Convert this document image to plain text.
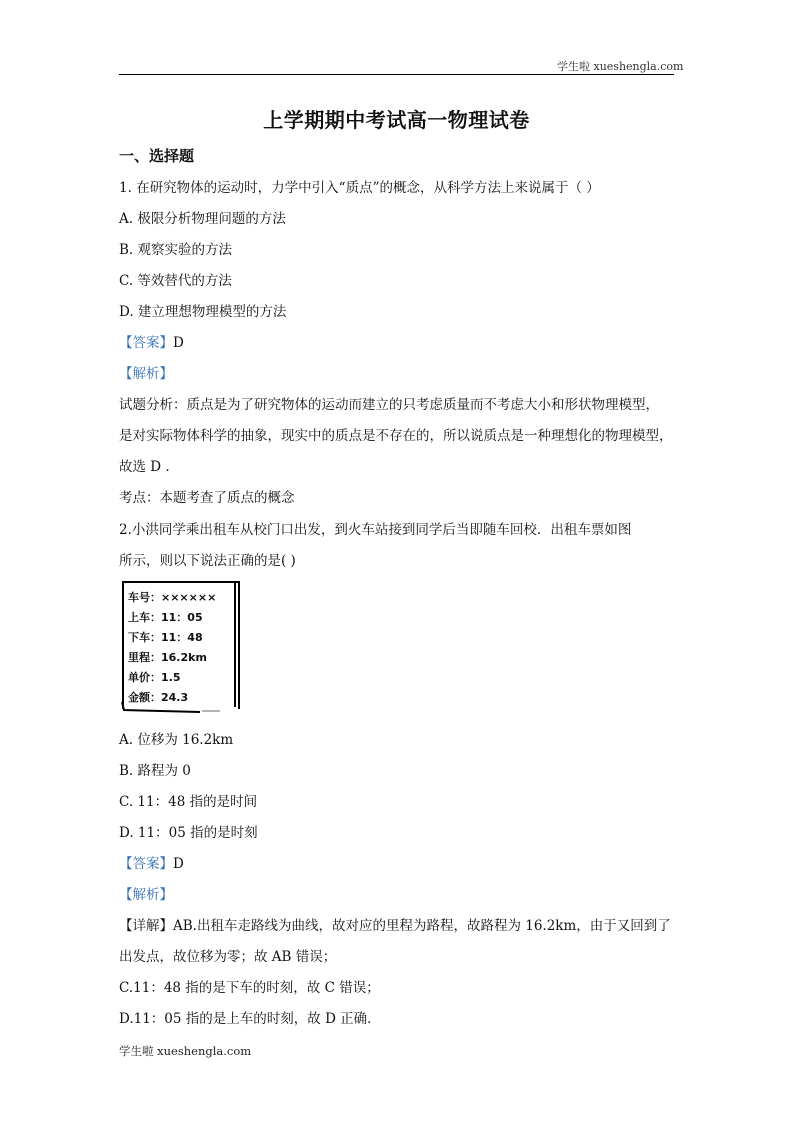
学生啦 xueshengla.com
上学期期中考试高一物理试卷
一、选择题
1. 在研究物体的运动时，力学中引入“质点”的概念，从科学方法上来说属于（ ）
A. 极限分析物理问题的方法
B. 观察实验的方法
C. 等效替代的方法
D. 建立理想物理模型的方法
【答案】D
【解析】
试题分析：质点是为了研究物体的运动而建立的只考虑质量而不考虑大小和形状物理模型，
是对实际物体科学的抽象，现实中的质点是不存在的，所以说质点是一种理想化的物理模型，
故选 D .
考点：本题考查了质点的概念
2.小洪同学乘出租车从校门口出发，到火车站接到同学后当即随车回校．出租车票如图
所示，则以下说法正确的是( )
车号：××××××
上车：11：05
下车：11：48
里程：16.2km
单价：1.5
金额：24.3
A. 位移为 16.2km
B. 路程为 0
C. 11：48 指的是时间
D. 11：05 指的是时刻
【答案】D
【解析】
【详解】AB.出租车走路线为曲线，故对应的里程为路程，故路程为 16.2km，由于又回到了
出发点，故位移为零；故 AB 错误；
C.11：48 指的是下车的时刻，故 C 错误；
D.11：05 指的是上车的时刻，故 D 正确．
学生啦 xueshengla.com
